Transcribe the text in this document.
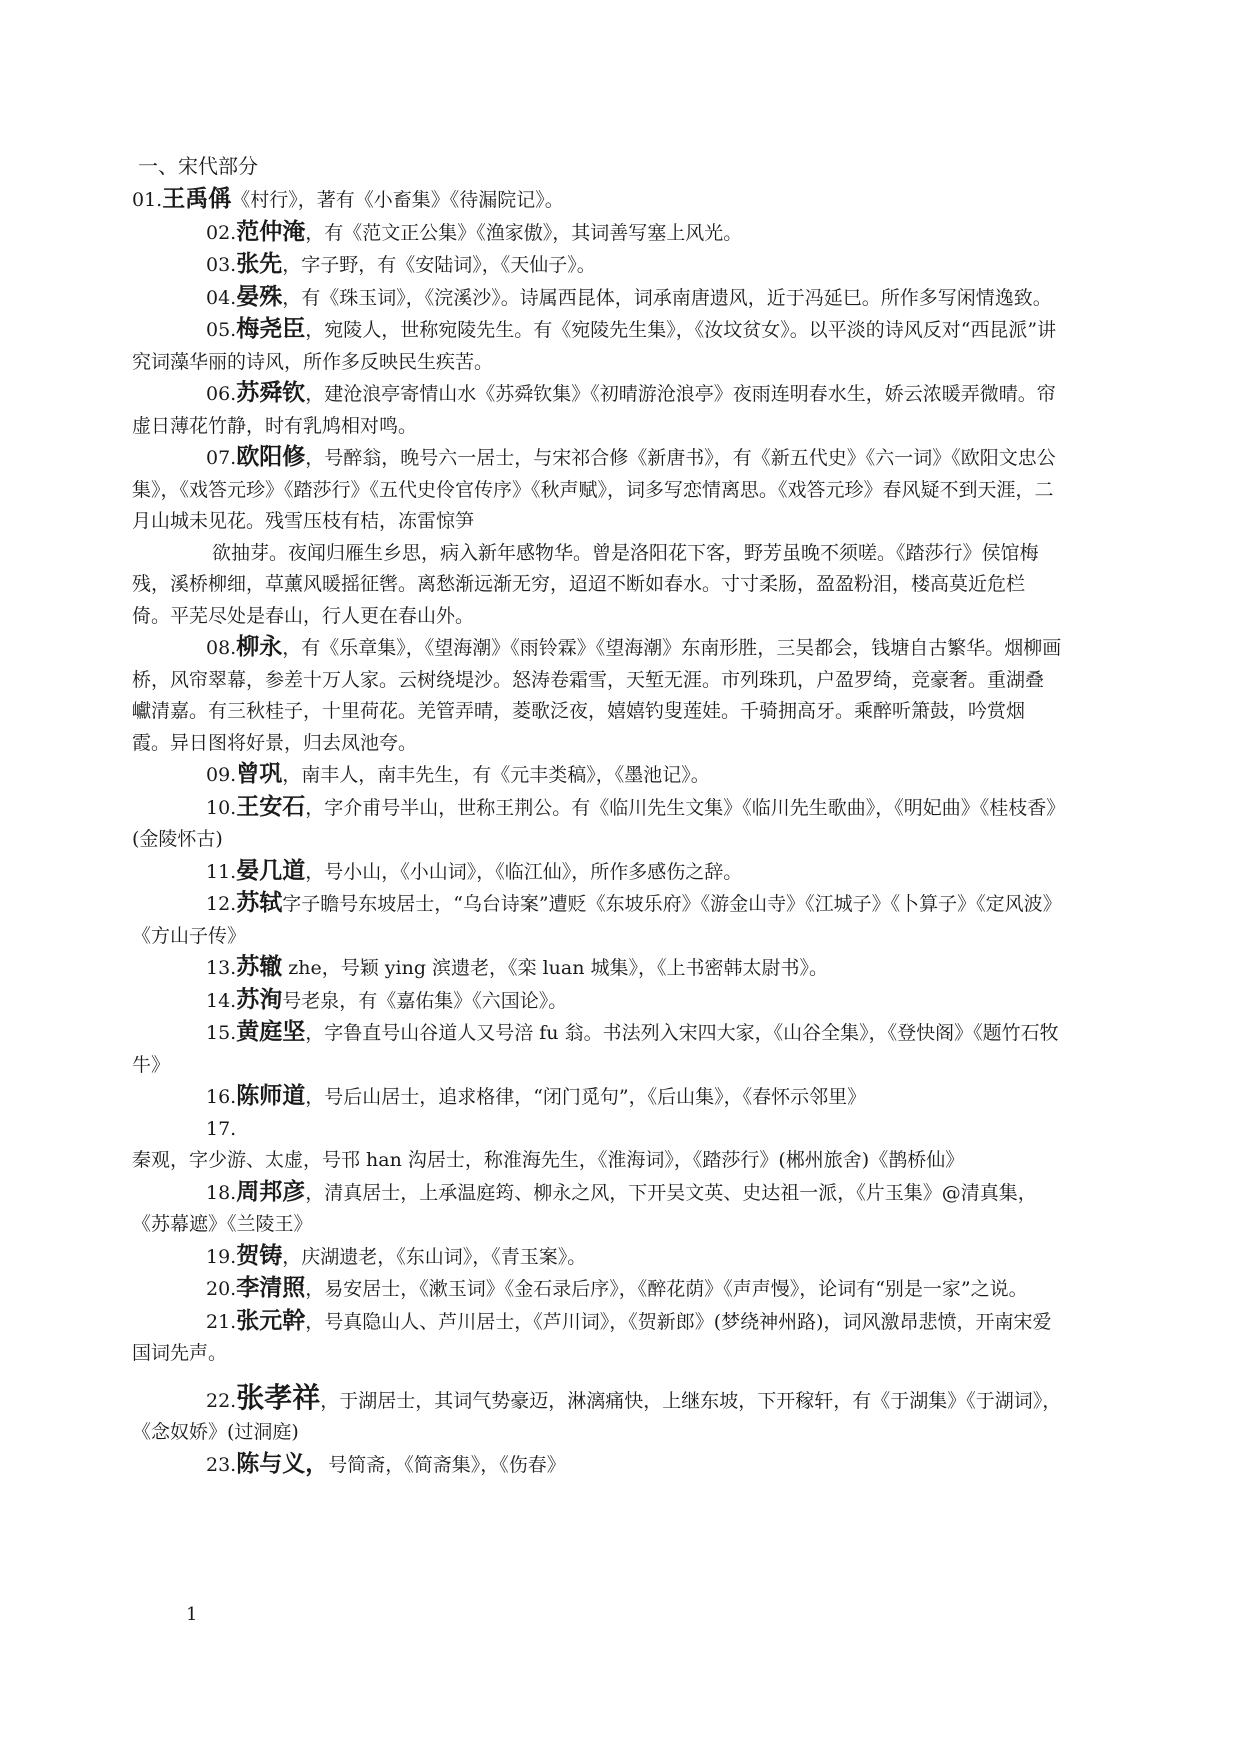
一、宋代部分

01.王禹偁《村行》，著有《小畜集》《待漏院记》。

02.范仲淹，有《范文正公集》《渔家傲》，其词善写塞上风光。

03.张先，字子野，有《安陆词》，《天仙子》。

04.晏殊，有《珠玉词》，《浣溪沙》。诗属西昆体，词承南唐遗风，近于冯延巳。所作多写闲情逸致。

05.梅尧臣，宛陵人，世称宛陵先生。有《宛陵先生集》，《汝坟贫女》。以平淡的诗风反对“西昆派”讲究词藻华丽的诗风，所作多反映民生疾苦。

06.苏舜钦，建沧浪亭寄情山水《苏舜钦集》《初晴游沧浪亭》夜雨连明春水生，娇云浓暖弄微晴。帘虚日薄花竹静，时有乳鸠相对鸣。

07.欧阳修，号醉翁，晚号六一居士，与宋祁合修《新唐书》，有《新五代史》《六一词》《欧阳文忠公集》，《戏答元珍》《踏莎行》《五代史伶官传序》《秋声赋》，词多写恋情离思。《戏答元珍》春风疑不到天涯，二月山城未见花。残雪压枝有桔，冻雷惊笋

欲抽芽。夜闻归雁生乡思，病入新年感物华。曾是洛阳花下客，野芳虽晚不须嗟。《踏莎行》侯馆梅残，溪桥柳细，草薰风暖摇征辔。离愁渐远渐无穷，迢迢不断如春水。寸寸柔肠，盈盈粉泪，楼高莫近危栏倚。平芜尽处是春山，行人更在春山外。

08.柳永，有《乐章集》，《望海潮》《雨铃霖》《望海潮》东南形胜，三吴都会，钱塘自古繁华。烟柳画桥，风帘翠幕，参差十万人家。云树绕堤沙。怒涛卷霜雪，天堑无涯。市列珠玑，户盈罗绮，竞豪奢。重湖叠巘清嘉。有三秋桂子，十里荷花。羌管弄晴，菱歌泛夜，嬉嬉钓叟莲娃。千骑拥高牙。乘醉听箫鼓，吟赏烟霞。异日图将好景，归去凤池夸。

09.曾巩，南丰人，南丰先生，有《元丰类稿》，《墨池记》。

10.王安石，字介甫号半山，世称王荆公。有《临川先生文集》《临川先生歌曲》，《明妃曲》《桂枝香》(金陵怀古)

11.晏几道，号小山，《小山词》，《临江仙》，所作多感伤之辞。

12.苏轼字子瞻号东坡居士，“乌台诗案”遭贬《东坡乐府》《游金山寺》《江城子》《卜算子》《定风波》《方山子传》

13.苏辙 zhe，号颖 ying 滨遗老，《栾 luan 城集》，《上书密韩太尉书》。

14.苏洵号老泉，有《嘉佑集》《六国论》。

15.黄庭坚，字鲁直号山谷道人又号涪 fu 翁。书法列入宋四大家，《山谷全集》，《登快阁》《题竹石牧牛》

16.陈师道，号后山居士，追求格律，“闭门觅句”，《后山集》，《春怀示邻里》

17.秦观，字少游、太虚，号邗 han 沟居士，称淮海先生，《淮海词》，《踏莎行》(郴州旅舍)《鹊桥仙》

18.周邦彦，清真居士，上承温庭筠、柳永之风，下开吴文英、史达祖一派，《片玉集》@清真集，《苏幕遮》《兰陵王》

19.贺铸，庆湖遗老，《东山词》，《青玉案》。

20.李清照，易安居士，《漱玉词》《金石录后序》，《醉花荫》《声声慢》，论词有“别是一家”之说。

21.张元幹，号真隐山人、芦川居士，《芦川词》，《贺新郎》(梦绕神州路)，词风激昂悲愤，开南宋爱国词先声。

22.张孝祥，于湖居士，其词气势豪迈，淋漓痛快，上继东坡，下开稼轩，有《于湖集》《于湖词》，《念奴娇》(过洞庭)

23.陈与义，号简斋，《简斋集》，《伤春》

1
